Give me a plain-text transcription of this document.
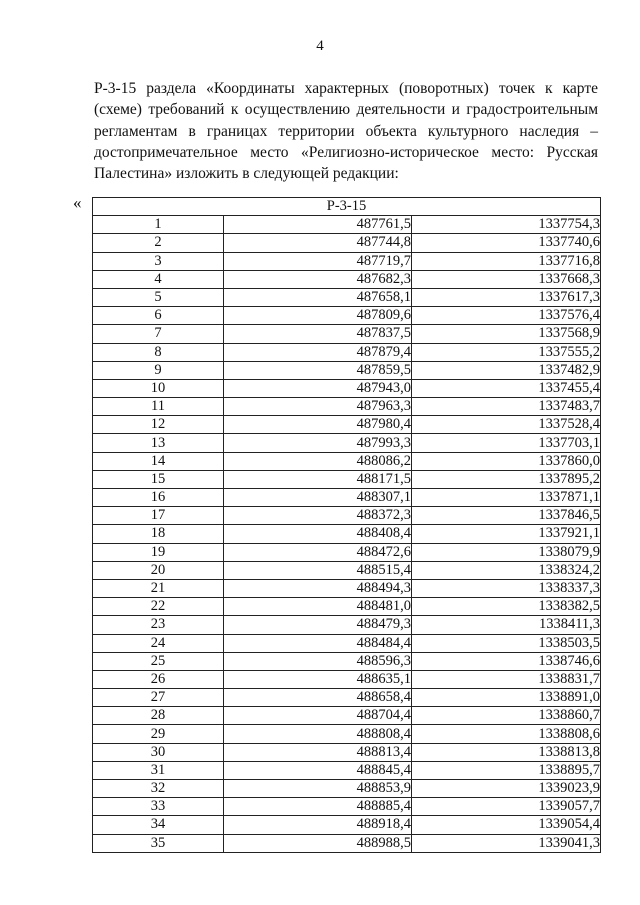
4

Р-3-15 раздела «Координаты характерных (поворотных) точек к карте (схеме) требований к осуществлению деятельности и градостроительным регламентам в границах территории объекта культурного наследия – достопримечательное место «Религиозно-историческое место: Русская Палестина» изложить в следующей редакции:

«	Р-3-15		
1	487761,5	1337754,3
2	487744,8	1337740,6
3	487719,7	1337716,8
4	487682,3	1337668,3
5	487658,1	1337617,3
6	487809,6	1337576,4
7	487837,5	1337568,9
8	487879,4	1337555,2
9	487859,5	1337482,9
10	487943,0	1337455,4
11	487963,3	1337483,7
12	487980,4	1337528,4
13	487993,3	1337703,1
14	488086,2	1337860,0
15	488171,5	1337895,2
16	488307,1	1337871,1
17	488372,3	1337846,5
18	488408,4	1337921,1
19	488472,6	1338079,9
20	488515,4	1338324,2
21	488494,3	1338337,3
22	488481,0	1338382,5
23	488479,3	1338411,3
24	488484,4	1338503,5
25	488596,3	1338746,6
26	488635,1	1338831,7
27	488658,4	1338891,0
28	488704,4	1338860,7
29	488808,4	1338808,6
30	488813,4	1338813,8
31	488845,4	1338895,7
32	488853,9	1339023,9
33	488885,4	1339057,7
34	488918,4	1339054,4
35	488988,5	1339041,3
